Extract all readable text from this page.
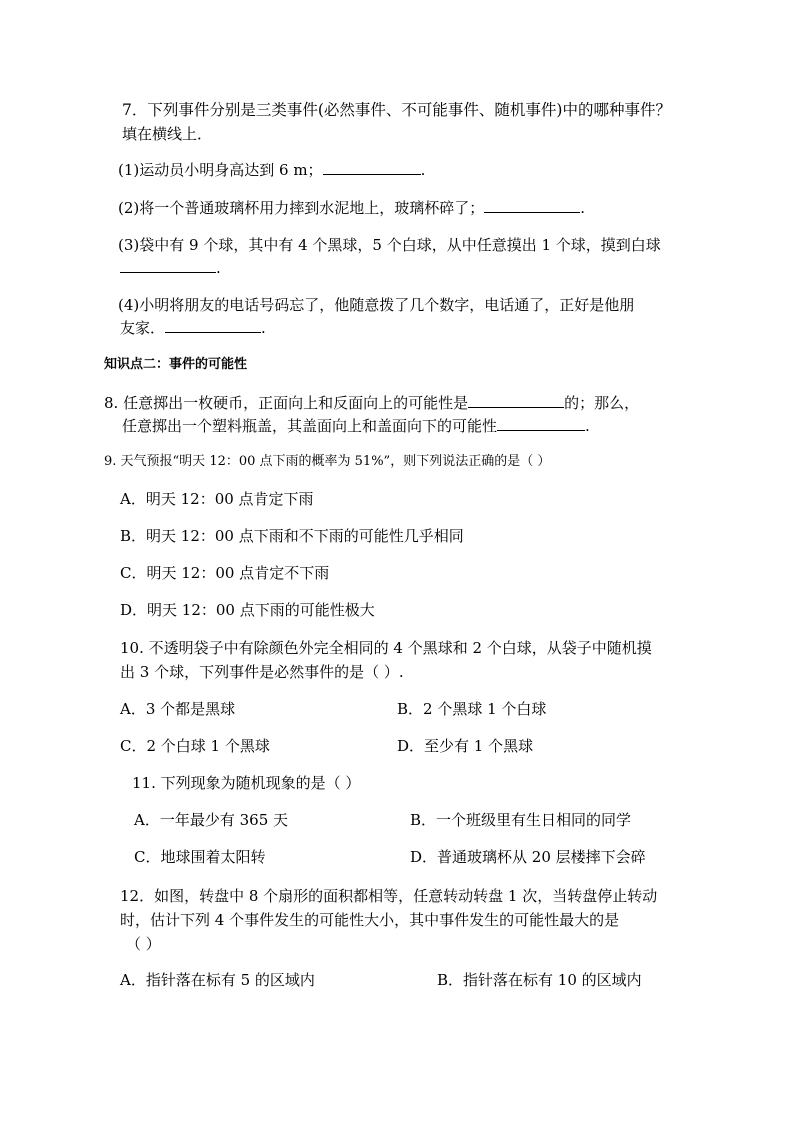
7．下列事件分别是三类事件(必然事件、不可能事件、随机事件)中的哪种事件？
填在横线上．
(1)运动员小明身高达到 6 m；	.
(2)将一个普通玻璃杯用力摔到水泥地上，玻璃杯碎了；	.
(3)袋中有 9 个球，其中有 4 个黑球，5 个白球，从中任意摸出 1 个球，摸到白球
.
(4)小明将朋友的电话号码忘了，他随意拨了几个数字，电话通了，正好是他朋
友家．	.
知识点二：事件的可能性
8. 任意掷出一枚硬币，正面向上和反面向上的可能性是	的；那么，
任意掷出一个塑料瓶盖，其盖面向上和盖面向下的可能性	.
9. 天气预报“明天 12：00 点下雨的概率为 51%”，则下列说法正确的是（ ）
A．明天 12：00 点肯定下雨
B．明天 12：00 点下雨和不下雨的可能性几乎相同
C．明天 12：00 点肯定不下雨
D．明天 12：00 点下雨的可能性极大
10. 不透明袋子中有除颜色外完全相同的 4 个黑球和 2 个白球，从袋子中随机摸
出 3 个球，下列事件是必然事件的是（ ）.
A．3 个都是黑球	B．2 个黑球 1 个白球
C．2 个白球 1 个黑球	D．至少有 1 个黑球
11. 下列现象为随机现象的是（ ）
A．一年最少有 365 天	B．一个班级里有生日相同的同学
C．地球围着太阳转	D．普通玻璃杯从 20 层楼摔下会碎
12．如图，转盘中 8 个扇形的面积都相等，任意转动转盘 1 次，当转盘停止转动
时，估计下列 4 个事件发生的可能性大小，其中事件发生的可能性最大的是
（ ）
A．指针落在标有 5 的区域内	B．指针落在标有 10 的区域内
